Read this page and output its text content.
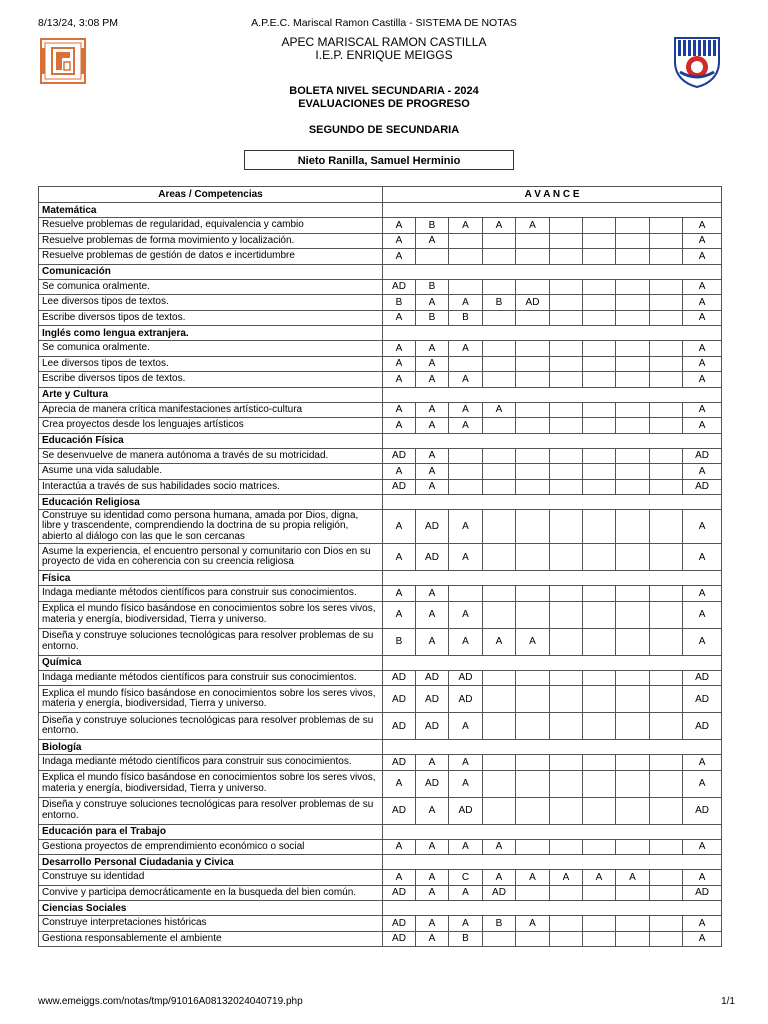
8/13/24, 3:08 PM	A.P.E.C. Mariscal Ramon Castilla - SISTEMA DE NOTAS
APEC MARISCAL RAMON CASTILLA
I.E.P. ENRIQUE MEIGGS
BOLETA NIVEL SECUNDARIA - 2024
EVALUACIONES DE PROGRESO
SEGUNDO DE SECUNDARIA
Nieto Ranilla, Samuel Herminio
Areas / Competencias	A V A N C E									
Matemática										
Resuelve problemas de regularidad, equivalencia y cambio	A	B	A	A	A					A
Resuelve problemas de forma movimiento y localización.	A	A								A
Resuelve problemas de gestión de datos e incertidumbre	A									A
Comunicación										
Se comunica oralmente.	AD	B								A
Lee diversos tipos de textos.	B	A	A	B	AD					A
Escribe diversos tipos de textos.	A	B	B							A
Inglés como lengua extranjera.										
Se comunica oralmente.	A	A	A							A
Lee diversos tipos de textos.	A	A								A
Escribe diversos tipos de textos.	A	A	A							A
Arte y Cultura										
Aprecia de manera crítica manifestaciones artístico-cultura	A	A	A	A						A
Crea proyectos desde los lenguajes artísticos	A	A	A							A
Educación Física										
Se desenvuelve de manera autónoma a través de su motricidad.	AD	A								AD
Asume una vida saludable.	A	A								A
Interactúa a través de sus habilidades socio matrices.	AD	A								AD
Educación Religiosa										
Construye su identidad como persona humana, amada por Dios, digna, libre y trascendente, comprendiendo la doctrina de su propia religión, abierto al diálogo con las que le son cercanas	A	AD	A							A
Asume la experiencia, el encuentro personal y comunitario con Dios en su proyecto de vida en coherencia con su creencia religiosa	A	AD	A							A
Física										
Indaga mediante métodos científicos para construir sus conocimientos.	A	A								A
Explica el mundo físico basándose en conocimientos sobre los seres vivos, materia y energía, biodiversidad, Tierra y universo.	A	A	A							A
Diseña y construye soluciones tecnológicas para resolver problemas de su entorno.	B	A	A	A	A					A
Química										
Indaga mediante métodos científicos para construir sus conocimientos.	AD	AD	AD							AD
Explica el mundo físico basándose en conocimientos sobre los seres vivos, materia y energía, biodiversidad, Tierra y universo.	AD	AD	AD							AD
Diseña y construye soluciones tecnológicas para resolver problemas de su entorno.	AD	AD	A							AD
Biología										
Indaga mediante método científicos para construir sus conocimientos.	AD	A	A							A
Explica el mundo físico basándose en conocimientos sobre los seres vivos, materia y energía, biodiversidad, Tierra y universo.	A	AD	A							A
Diseña y construye soluciones tecnológicas para resolver problemas de su entorno.	AD	A	AD							AD
Educación para el Trabajo										
Gestiona proyectos de emprendimiento económico o social	A	A	A	A						A
Desarrollo Personal Ciudadania y Civica										
Construye su identidad	A	A	C	A	A	A	A	A		A
Convive y participa democráticamente en la busqueda del bien común.	AD	A	A	AD						AD
Ciencias Sociales										
Construye interpretaciones históricas	AD	A	A	B	A					A
Gestiona responsablemente el ambiente	AD	A	B							A
www.emeiggs.com/notas/tmp/91016A08132024040719.php	1/1
